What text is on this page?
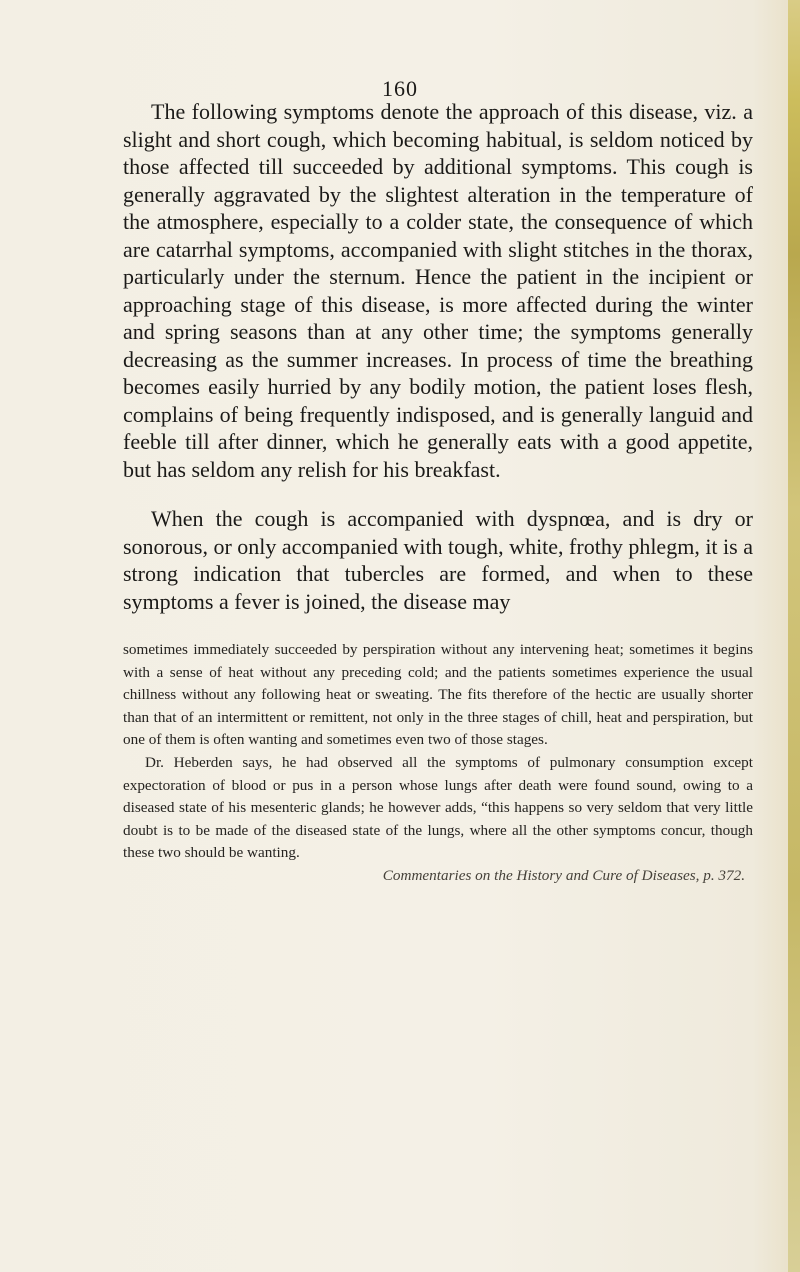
160

The following symptoms denote the approach of this disease, viz. a slight and short cough, which becoming habitual, is seldom noticed by those affected till succeeded by additional symptoms. This cough is generally aggravated by the slightest alteration in the temperature of the atmosphere, especially to a colder state, the consequence of which are catarrhal symptoms, accompanied with slight stitches in the thorax, particularly under the sternum. Hence the patient in the incipient or approaching stage of this disease, is more affected during the winter and spring seasons than at any other time; the symptoms generally decreasing as the summer increases. In process of time the breathing becomes easily hurried by any bodily motion, the patient loses flesh, complains of being frequently indisposed, and is generally languid and feeble till after dinner, which he generally eats with a good appetite, but has seldom any relish for his breakfast.

When the cough is accompanied with dyspnœa, and is dry or sonorous, or only accompanied with tough, white, frothy phlegm, it is a strong indication that tubercles are formed, and when to these symptoms a fever is joined, the disease may

sometimes immediately succeeded by perspiration without any intervening heat; sometimes it begins with a sense of heat without any preceding cold; and the patients sometimes experience the usual chillness without any following heat or sweating. The fits therefore of the hectic are usually shorter than that of an intermittent or remittent, not only in the three stages of chill, heat and perspiration, but one of them is often wanting and sometimes even two of those stages.

Dr. Heberden says, he had observed all the symptoms of pulmonary consumption except expectoration of blood or pus in a person whose lungs after death were found sound, owing to a diseased state of his mesenteric glands; he however adds, “this happens so very seldom that very little doubt is to be made of the diseased state of the lungs, where all the other symptoms concur, though these two should be wanting.

Commentaries on the History and Cure of Diseases, p. 372.
